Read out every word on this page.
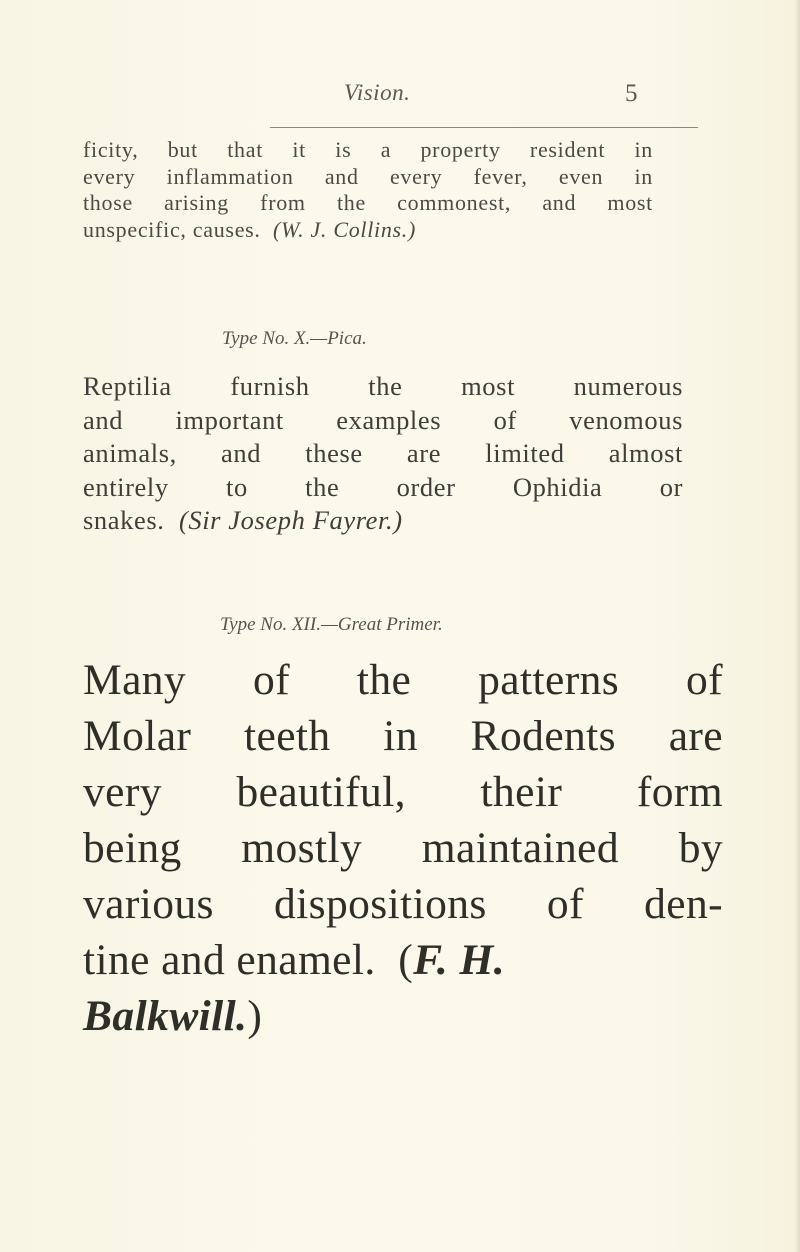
Vision.	5
ficity, but that it is a property resident in
every inflammation and every fever, even in
those arising from the commonest, and most
unspecific, causes. (W. J. Collins.)
Type No. X.—Pica.
Reptilia furnish the most numerous
and important examples of venomous
animals, and these are limited almost
entirely to the order Ophidia or
snakes. (Sir Joseph Fayrer.)
Type No. XII.—Great Primer.
Many of the patterns of
Molar teeth in Rodents are
very beautiful, their form
being mostly maintained by
various dispositions of den-
tine and enamel. (F. H.
Balkwill.)
